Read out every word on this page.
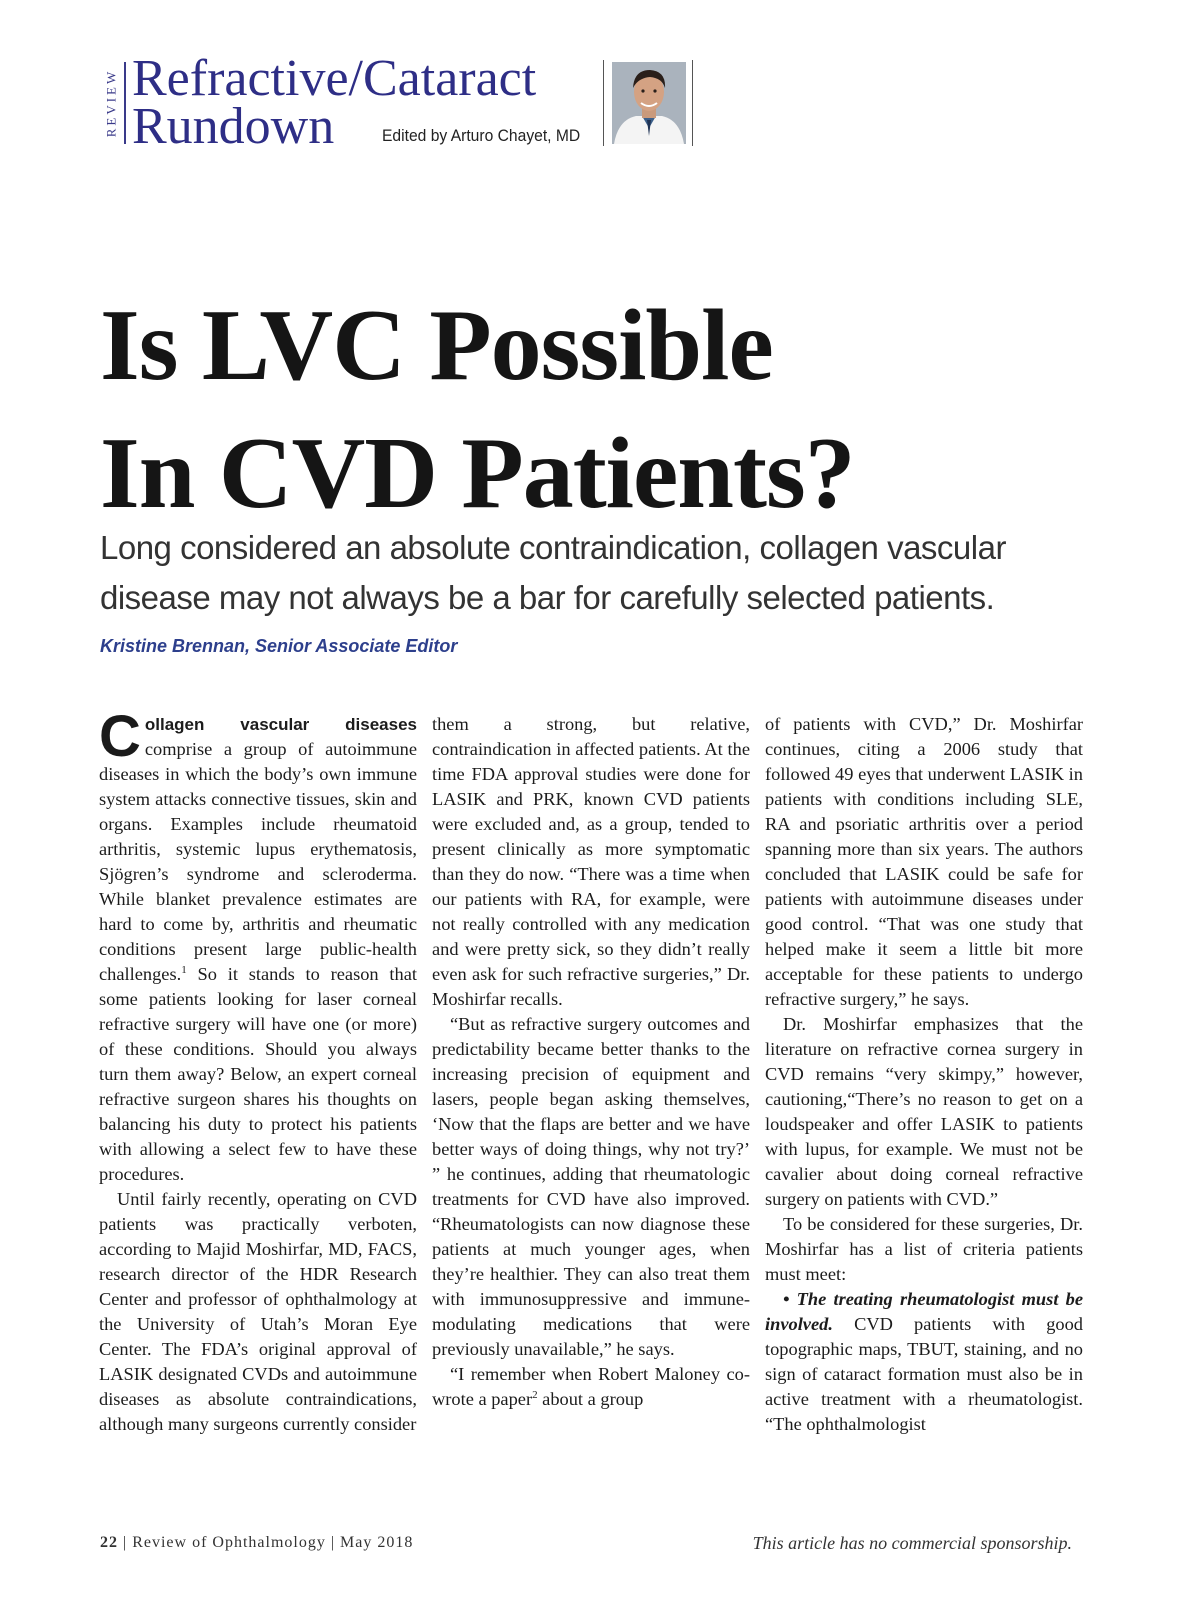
REVIEW Refractive/Cataract
Rundown	Edited by Arturo Chayet, MD
Is LVC Possible
In CVD Patients?
Long considered an absolute contraindication, collagen vascular
disease may not always be a bar for carefully selected patients.
Kristine Brennan, Senior Associate Editor

Collagen vascular diseases comprise a group of autoimmune diseases in which the body’s own immune system attacks connective tissues, skin and organs. Examples include rheumatoid arthritis, systemic lupus erythematosis, Sjögren’s syndrome and scleroderma. While blanket prevalence estimates are hard to come by, arthritis and rheumatic conditions present large public-health challenges.$^1$ So it stands to reason that some patients looking for laser corneal refractive surgery will have one (or more) of these conditions. Should you always turn them away? Below, an expert corneal refractive surgeon shares his thoughts on balancing his duty to protect his patients with allowing a select few to have these procedures.

Until fairly recently, operating on CVD patients was practically verboten, according to Majid Moshirfar, MD, FACS, research director of the HDR Research Center and professor of ophthalmology at the University of Utah’s Moran Eye Center. The FDA’s original approval of LASIK designated CVDs and autoimmune diseases as absolute contraindications, although many surgeons currently consider

them a strong, but relative, contraindication in affected patients. At the time FDA approval studies were done for LASIK and PRK, known CVD patients were excluded and, as a group, tended to present clinically as more symptomatic than they do now. “There was a time when our patients with RA, for example, were not really controlled with any medication and were pretty sick, so they didn’t really even ask for such refractive surgeries,” Dr. Moshirfar recalls.

“But as refractive surgery outcomes and predictability became better thanks to the increasing precision of equipment and lasers, people began asking themselves, ‘Now that the flaps are better and we have better ways of doing things, why not try?’ ” he continues, adding that rheumatologic treatments for CVD have also improved. “Rheumatologists can now diagnose these patients at much younger ages, when they’re healthier. They can also treat them with immunosuppressive and immune-modulating medications that were previously unavailable,” he says.

“I remember when Robert Maloney co-wrote a paper$^2$ about a group

of patients with CVD,” Dr. Moshirfar continues, citing a 2006 study that followed 49 eyes that underwent LASIK in patients with conditions including SLE, RA and psoriatic arthritis over a period spanning more than six years. The authors concluded that LASIK could be safe for patients with autoimmune diseases under good control. “That was one study that helped make it seem a little bit more acceptable for these patients to undergo refractive surgery,” he says.

Dr. Moshirfar emphasizes that the literature on refractive cornea surgery in CVD remains “very skimpy,” however, cautioning,“There’s no reason to get on a loudspeaker and offer LASIK to patients with lupus, for example. We must not be cavalier about doing corneal refractive surgery on patients with CVD.”

To be considered for these surgeries, Dr. Moshirfar has a list of criteria patients must meet:

• The treating rheumatologist must be involved. CVD patients with good topographic maps, TBUT, staining, and no sign of cataract formation must also be in active treatment with a rheumatologist. “The ophthalmologist

22 | Review of Ophthalmology | May 2018	This article has no commercial sponsorship.
